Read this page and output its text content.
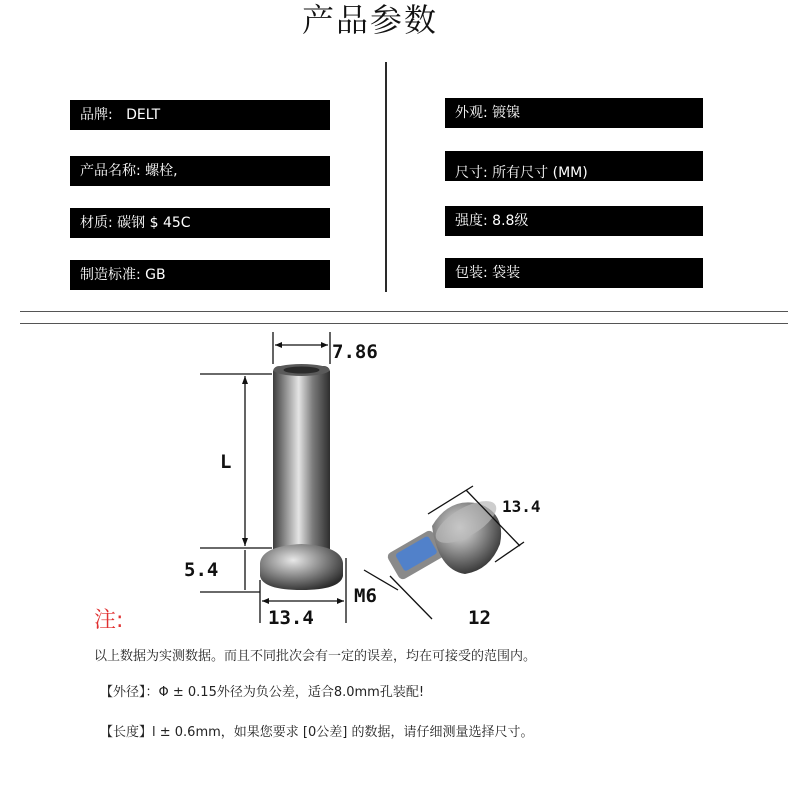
产品参数
品牌: DELT
产品名称: 螺栓,
材质: 碳钢 $ 45C
制造标准: GB
外观: 镀镍
尺寸: 所有尺寸 (MM)
强度: 8.8级
包装: 袋装
7.86
L
5.4
13.4
13.4
M6
12
注:
以上数据为实测数据。而且不同批次会有一定的误差，均在可接受的范围内。
【外径】：Φ ± 0.15外径为负公差，适合8.0mm孔装配!
【长度】l ± 0.6mm，如果您要求 [0公差] 的数据，请仔细测量选择尺寸。
